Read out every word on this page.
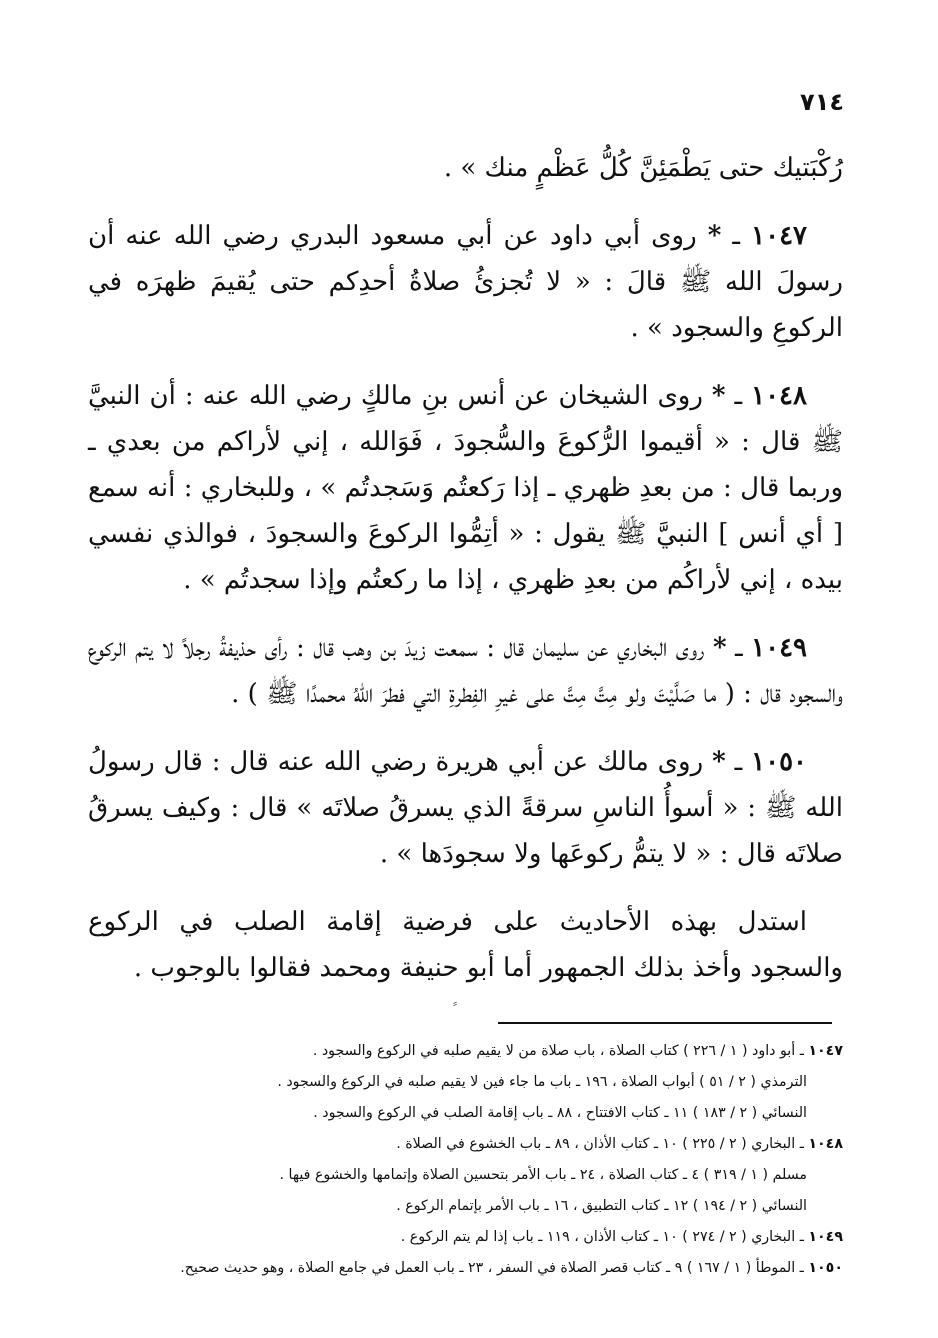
٧١٤

رُكْبَتيك حتى يَطْمَئِنَّ كُلُّ عَظْمٍ منك » .

١٠٤٧ ـ * روى أبي داود عن أبي مسعود البدري رضي الله عنه أن رسولَ الله ﷺ قالَ : « لا تُجزئُ صلاةُ أحدِكم حتى يُقيمَ ظهرَه في الركوعِ والسجود » .

١٠٤٨ ـ * روى الشيخان عن أنس بنِ مالكٍ رضي الله عنه : أن النبيَّ ﷺ قال : « أقيموا الرُّكوعَ والسُّجودَ ، فَوَالله ، إني لأراكم من بعدي ـ وربما قال : من بعدِ ظهري ـ إذا رَكعتُم وَسَجدتُم » ، وللبخاري : أنه سمع [ أي أنس ] النبيَّ ﷺ يقول : « أتِمُّوا الركوعَ والسجودَ ، فوالذي نفسي بيده ، إني لأراكُم من بعدِ ظهري ، إذا ما ركعتُم وإذا سجدتُم » .

١٠٤٩ ـ * روى البخاري عن سليمان قال : سمعت زيدَ بن وهب قال : رأى حذيفةُ رجلاً لا يتم الركوع والسجود قال : ( ما صَلَّيْتَ ولو مِتَّ مِتَّ على غيرِ الفِطرةِ التي فطرَ اللهُ محمدًا ﷺ ) .

١٠٥٠ ـ * روى مالك عن أبي هريرة رضي الله عنه قال : قال رسولُ الله ﷺ : « أسوأُ الناسِ سرقةً الذي يسرقُ صلاتَه » قال : وكيف يسرقُ صلاتَه قال : « لا يتمُّ ركوعَها ولا سجودَها » .

استدل بهذه الأحاديث على فرضية إقامة الصلب في الركوع والسجود وأخذ بذلك الجمهور أما أبو حنيفة ومحمد فقالوا بالوجوب .

⸗
١٠٤٧ ـ أبو داود ( ١ / ٢٢٦ ) كتاب الصلاة ، باب صلاة من لا يقيم صلبه في الركوع والسجود .
الترمذي ( ٢ / ٥١ ) أبواب الصلاة ، ١٩٦ ـ باب ما جاء فين لا يقيم صلبه في الركوع والسجود .
النسائي ( ٢ / ١٨٣ ) ١١ ـ كتاب الافتتاح ، ٨٨ ـ باب إقامة الصلب في الركوع والسجود .
١٠٤٨ ـ البخاري ( ٢ / ٢٢٥ ) ١٠ ـ كتاب الأذان ، ٨٩ ـ باب الخشوع في الصلاة .
مسلم ( ١ / ٣١٩ ) ٤ ـ كتاب الصلاة ، ٢٤ ـ باب الأمر بتحسين الصلاة وإتمامها والخشوع فيها .
النسائي ( ٢ / ١٩٤ ) ١٢ ـ كتاب التطبيق ، ١٦ ـ باب الأمر بإتمام الركوع .
١٠٤٩ ـ البخاري ( ٢ / ٢٧٤ ) ١٠ ـ كتاب الأذان ، ١١٩ ـ باب إذا لم يتم الركوع .
١٠٥٠ ـ الموطأ ( ١ / ١٦٧ ) ٩ ـ كتاب قصر الصلاة في السفر ، ٢٣ ـ باب العمل في جامع الصلاة ، وهو حديث صحيح.
